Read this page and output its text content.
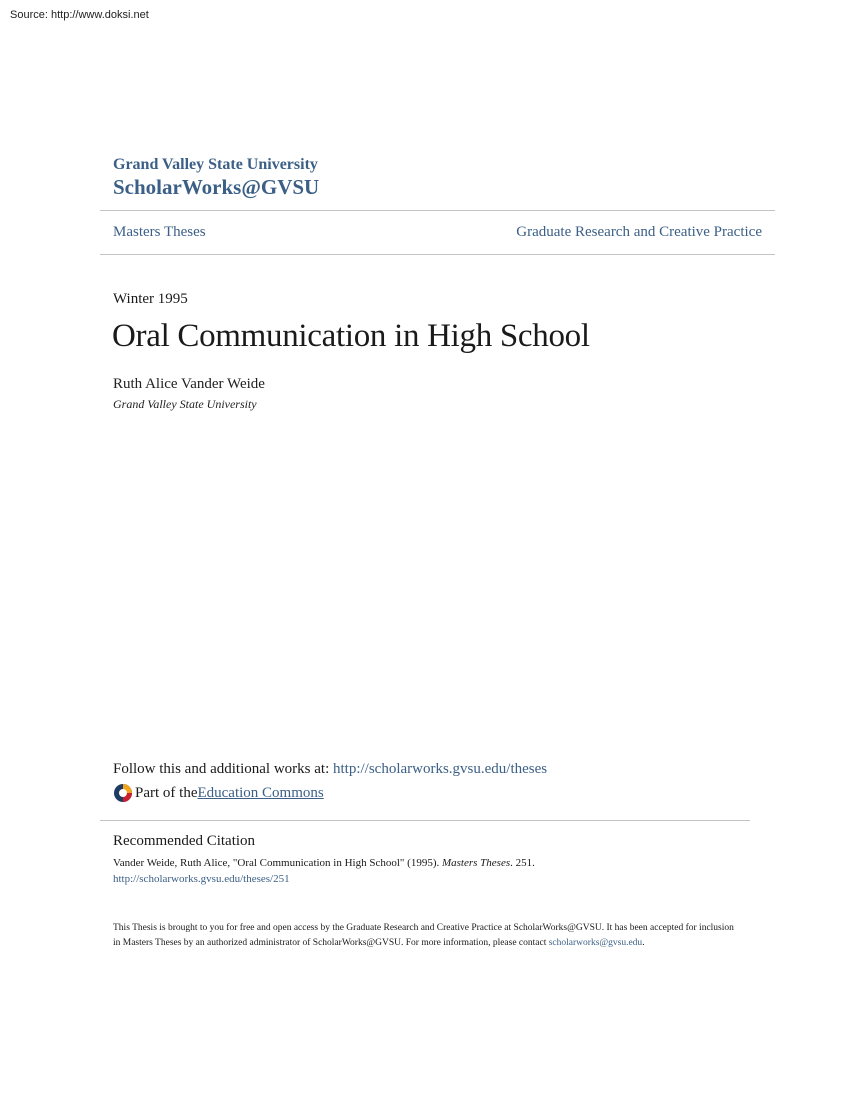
Source: http://www.doksi.net
Grand Valley State University
ScholarWorks@GVSU
Masters Theses	Graduate Research and Creative Practice
Winter 1995
Oral Communication in High School
Ruth Alice Vander Weide
Grand Valley State University
Follow this and additional works at: http://scholarworks.gvsu.edu/theses
Part of the Education Commons
Recommended Citation
Vander Weide, Ruth Alice, "Oral Communication in High School" (1995). Masters Theses. 251.
http://scholarworks.gvsu.edu/theses/251
This Thesis is brought to you for free and open access by the Graduate Research and Creative Practice at ScholarWorks@GVSU. It has been accepted for inclusion in Masters Theses by an authorized administrator of ScholarWorks@GVSU. For more information, please contact scholarworks@gvsu.edu.
